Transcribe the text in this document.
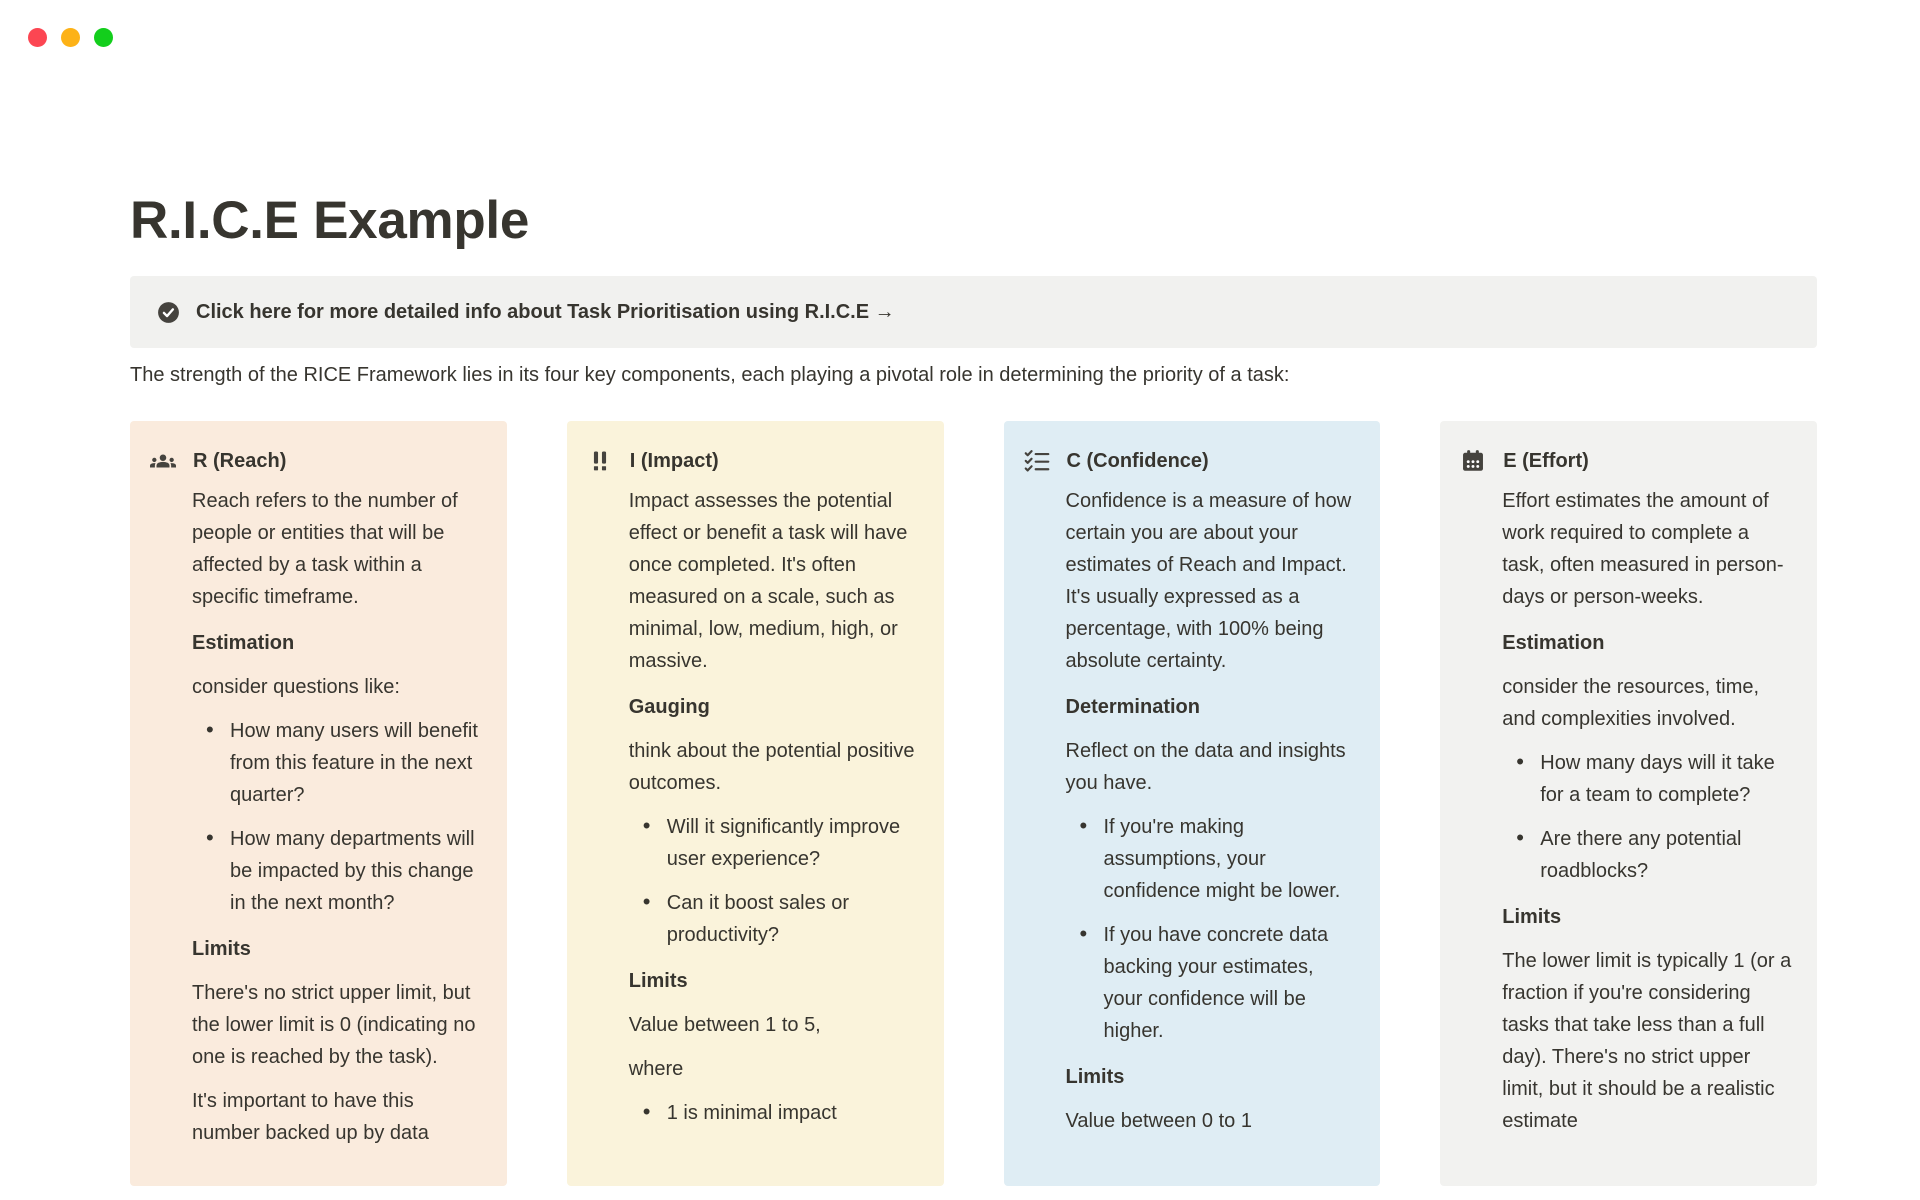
R.I.C.E Example
Click here for more detailed info about Task Prioritisation using R.I.C.E →

The strength of the RICE Framework lies in its four key components, each playing a pivotal role in determining the priority of a task:

R (Reach)

Reach refers to the number of people or entities that will be affected by a task within a specific timeframe.

Estimation

consider questions like:

• How many users will benefit from this feature in the next quarter?
• How many departments will be impacted by this change in the next month?
Limits

There's no strict upper limit, but the lower limit is 0 (indicating no one is reached by the task).

It's important to have this number backed up by data

I (Impact)

Impact assesses the potential effect or benefit a task will have once completed. It's often measured on a scale, such as minimal, low, medium, high, or massive.

Gauging

think about the potential positive outcomes.

• Will it significantly improve user experience?
• Can it boost sales or productivity?
Limits

Value between 1 to 5,

where

• 1 is minimal impact
C (Confidence)

Confidence is a measure of how certain you are about your estimates of Reach and Impact. It's usually expressed as a percentage, with 100% being absolute certainty.

Determination

Reflect on the data and insights you have.

• If you're making assumptions, your confidence might be lower.
• If you have concrete data backing your estimates, your confidence will be higher.
Limits

Value between 0 to 1

E (Effort)

Effort estimates the amount of work required to complete a task, often measured in person-days or person-weeks.

Estimation

consider the resources, time, and complexities involved.

• How many days will it take for a team to complete?
• Are there any potential roadblocks?
Limits

The lower limit is typically 1 (or a fraction if you're considering tasks that take less than a full day). There's no strict upper limit, but it should be a realistic estimate
